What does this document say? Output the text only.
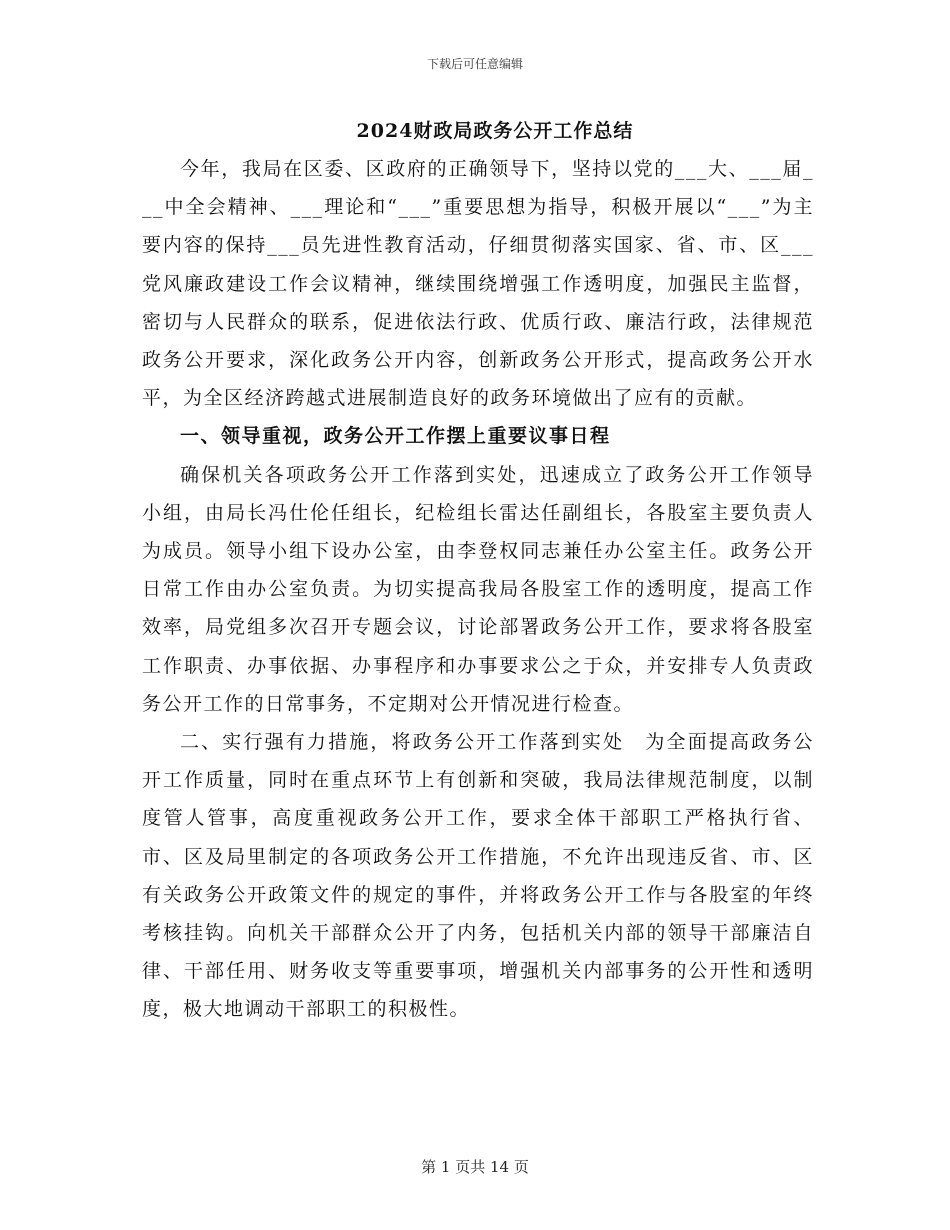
下载后可任意编辑
2024财政局政务公开工作总结

今年，我局在区委、区政府的正确领导下，坚持以党的___大、___届___中全会精神、___理论和“___”重要思想为指导，积极开展以“___”为主要内容的保持___员先进性教育活动，仔细贯彻落实国家、省、市、区___党风廉政建设工作会议精神，继续围绕增强工作透明度，加强民主监督，密切与人民群众的联系，促进依法行政、优质行政、廉洁行政，法律规范政务公开要求，深化政务公开内容，创新政务公开形式，提高政务公开水平，为全区经济跨越式进展制造良好的政务环境做出了应有的贡献。

一、领导重视，政务公开工作摆上重要议事日程

确保机关各项政务公开工作落到实处，迅速成立了政务公开工作领导小组，由局长冯仕伦任组长，纪检组长雷达任副组长，各股室主要负责人为成员。领导小组下设办公室，由李登权同志兼任办公室主任。政务公开日常工作由办公室负责。为切实提高我局各股室工作的透明度，提高工作效率，局党组多次召开专题会议，讨论部署政务公开工作，要求将各股室工作职责、办事依据、办事程序和办事要求公之于众，并安排专人负责政务公开工作的日常事务，不定期对公开情况进行检查。

二、实行强有力措施，将政务公开工作落到实处  为全面提高政务公开工作质量，同时在重点环节上有创新和突破，我局法律规范制度，以制度管人管事，高度重视政务公开工作，要求全体干部职工严格执行省、市、区及局里制定的各项政务公开工作措施，不允许出现违反省、市、区有关政务公开政策文件的规定的事件，并将政务公开工作与各股室的年终考核挂钩。向机关干部群众公开了内务，包括机关内部的领导干部廉洁自律、干部任用、财务收支等重要事项，增强机关内部事务的公开性和透明度，极大地调动干部职工的积极性。

第 1 页共 14 页
